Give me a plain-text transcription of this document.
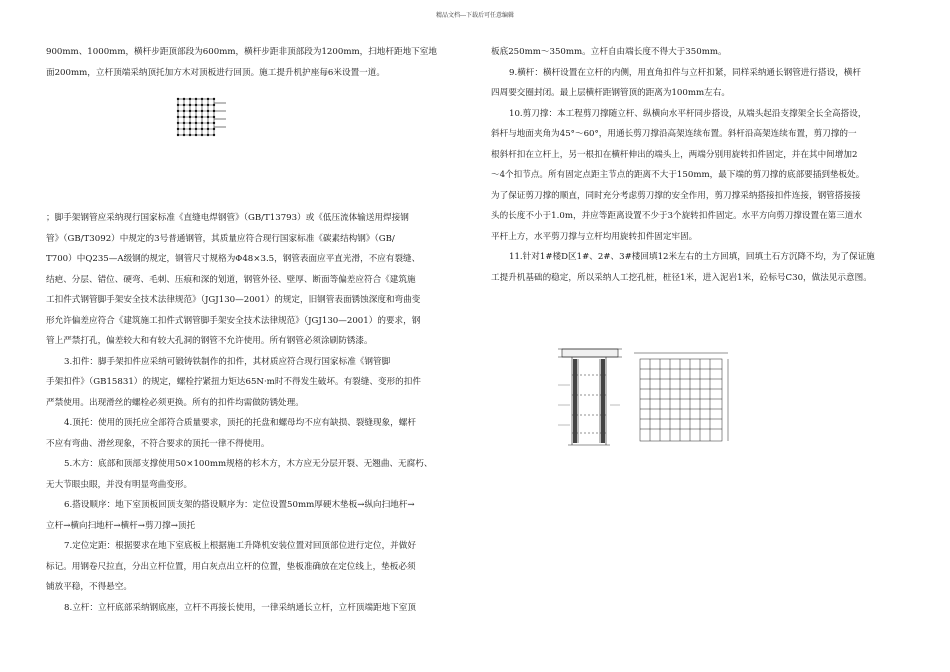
精品文档---下载后可任意编辑

900mm、1000mm，横杆步距顶部段为600mm，横杆步距非顶部段为1200mm，扫地杆距地下室地

面200mm，立杆顶端采纳顶托加方木对顶板进行回顶。施工提升机护座每6米设置一道。

；脚手架钢管应采纳现行国家标准《直缝电焊钢管》（GB/T13793）或《低压流体输送用焊接钢

管》（GB/T3092）中规定的3号普通钢管，其质量应符合现行国家标准《碳素结构钢》（GB/

T700）中Q235—A级钢的规定，钢管尺寸规格为Φ48×3.5，钢管表面应平直光滑，不应有裂缝、

结疤、分层、错位、硬弯、毛刺、压痕和深的划道，钢管外径、壁厚、断面等偏差应符合《建筑施

工扣件式钢管脚手架安全技术法律规范》（JGJ130—2001）的规定，旧钢管表面锈蚀深度和弯曲变

形允许偏差应符合《建筑施工扣件式钢管脚手架安全技术法律规范》（JGJ130—2001）的要求，钢

管上严禁打孔，偏差较大和有较大孔洞的钢管不允许使用。所有钢管必须涂刷防锈漆。

3.扣件：脚手架扣件应采纳可锻铸铁制作的扣件，其材质应符合现行国家标准《钢管脚

手架扣件》（GB15831）的规定，螺栓拧紧扭力矩达65N·m时不得发生破坏。有裂缝、变形的扣件

严禁使用。出现滑丝的螺栓必须更换。所有的扣件均需做防锈处理。

4.顶托：使用的顶托应全部符合质量要求，顶托的托盘和螺母均不应有缺损、裂缝现象，螺杆

不应有弯曲、滑丝现象，不符合要求的顶托一律不得使用。

5.木方：底部和顶部支撑使用50×100mm规格的杉木方，木方应无分层开裂、无翘曲、无腐朽、

无大节眼虫眼，并没有明显弯曲变形。

6.搭设顺序：地下室顶板回顶支架的搭设顺序为：定位设置50mm厚硬木垫板→纵向扫地杆→

立杆→横向扫地杆→横杆→剪刀撑→顶托

7.定位定距：根据要求在地下室底板上根据施工升降机安装位置对回顶部位进行定位，并做好

标记。用钢卷尺拉直，分出立杆位置，用白灰点出立杆的位置，垫板准确放在定位线上，垫板必须

铺放平稳，不得悬空。

8.立杆：立杆底部采纳钢底座，立杆不再接长使用，一律采纳通长立杆，立杆顶端距地下室顶

板底250mm～350mm。立杆自由端长度不得大于350mm。

9.横杆：横杆设置在立杆的内侧，用直角扣件与立杆扣紧，同样采纳通长钢管进行搭设，横杆

四周要交圈封闭。最上层横杆距钢管顶的距离为100mm左右。

10.剪刀撑：本工程剪刀撑随立杆、纵横向水平杆同步搭设，从端头起沿支撑架全长全高搭设，

斜杆与地面夹角为45°～60°，用通长剪刀撑沿高架连续布置。斜杆沿高架连续布置，剪刀撑的一

根斜杆扣在立杆上，另一根扣在横杆伸出的端头上，两端分别用旋转扣件固定，并在其中间增加2

～4个扣节点。所有固定点距主节点的距离不大于150mm，最下端的剪刀撑的底部要插到垫板处。

为了保证剪刀撑的顺直，同时充分考虑剪刀撑的安全作用，剪刀撑采纳搭接扣件连接，钢管搭接接

头的长度不小于1.0m，并应等距离设置不少于3个旋转扣件固定。水平方向剪刀撑设置在第三道水

平杆上方，水平剪刀撑与立杆均用旋转扣件固定牢固。

11.针对1#楼D区1#、2#、3#楼回填12米左右的土方回填，回填土石方沉降不均，为了保证施

工提升机基础的稳定，所以采纳人工挖孔桩，桩径1米，进入泥岩1米，砼标号C30，做法见示意图。
